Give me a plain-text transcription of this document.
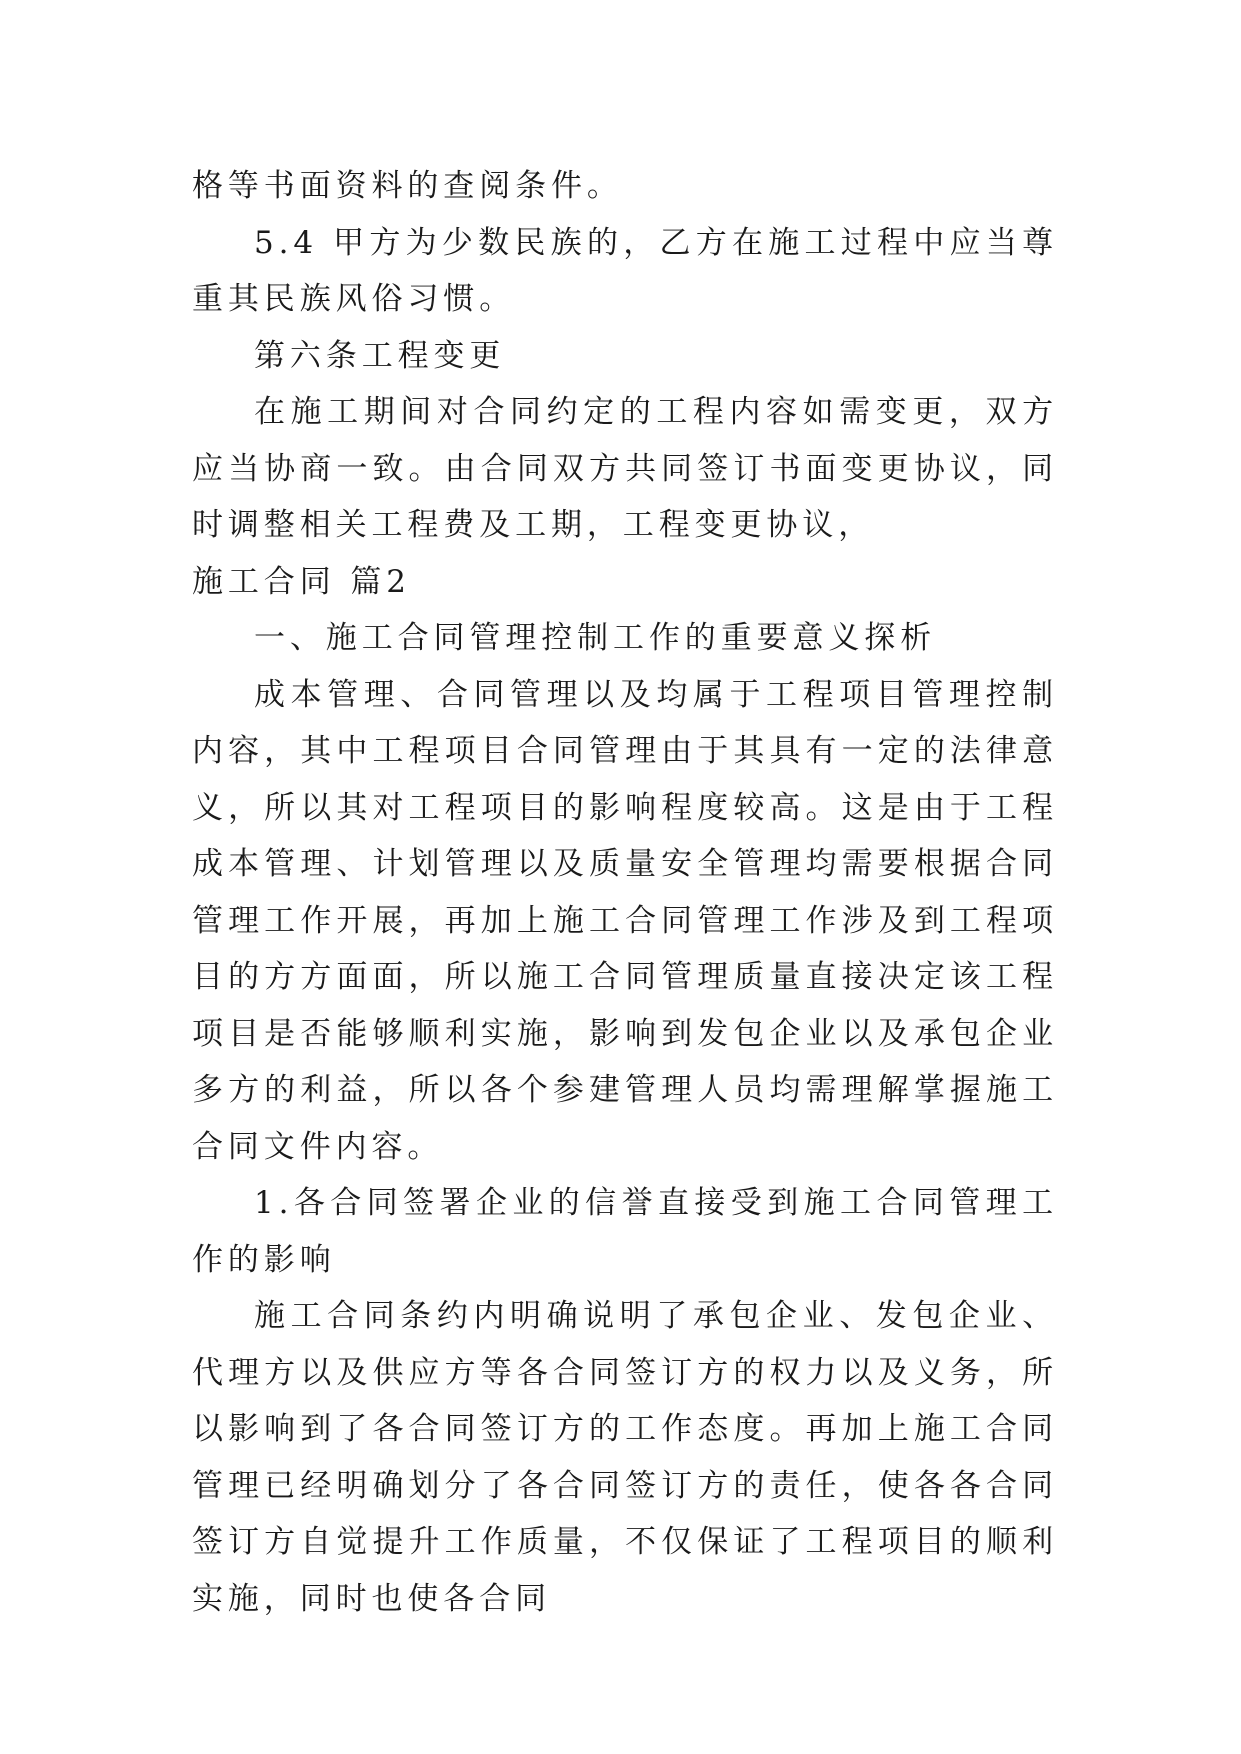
格等书面资料的查阅条件。

5.4 甲方为少数民族的，乙方在施工过程中应当尊重其民族风俗习惯。

第六条工程变更

在施工期间对合同约定的工程内容如需变更，双方应当协商一致。由合同双方共同签订书面变更协议，同时调整相关工程费及工期，工程变更协议，

施工合同 篇2

一、施工合同管理控制工作的重要意义探析

成本管理、合同管理以及均属于工程项目管理控制内容，其中工程项目合同管理由于其具有一定的法律意义，所以其对工程项目的影响程度较高。这是由于工程成本管理、计划管理以及质量安全管理均需要根据合同管理工作开展，再加上施工合同管理工作涉及到工程项目的方方面面，所以施工合同管理质量直接决定该工程项目是否能够顺利实施，影响到发包企业以及承包企业多方的利益，所以各个参建管理人员均需理解掌握施工合同文件内容。

1.各合同签署企业的信誉直接受到施工合同管理工作的影响

施工合同条约内明确说明了承包企业、发包企业、代理方以及供应方等各合同签订方的权力以及义务，所以影响到了各合同签订方的工作态度。再加上施工合同管理已经明确划分了各合同签订方的责任，使各各合同签订方自觉提升工作质量，不仅保证了工程项目的顺利实施，同时也使各合同
